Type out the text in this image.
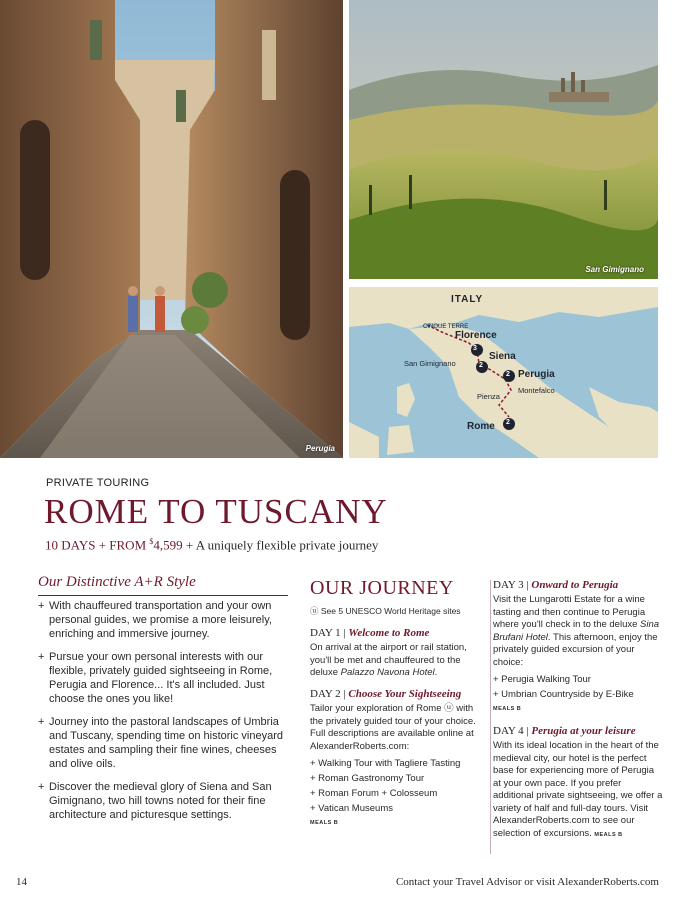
Perugia
San Gimignano
ITALY
CINQUE TERRE
Florence
Siena
San Gimignano
Perugia
Montefalco
Pienza
Rome
3
2
2
2
PRIVATE TOURING
ROME TO TUSCANY
10 DAYS + FROM $4,599 + A uniquely flexible private journey
Our Distinctive A+R Style
+ With chauffeured transportation and your own personal guides, we promise a more leisurely, enriching and immersive journey.
+ Pursue your own personal interests with our flexible, privately guided sightseeing in Rome, Perugia and Florence... It's all included. Just choose the ones you like!
+ Journey into the pastoral landscapes of Umbria and Tuscany, spending time on historic vineyard estates and sampling their fine wines, cheeses and olive oils.
+ Discover the medieval glory of Siena and San Gimignano, two hill towns noted for their fine architecture and picturesque settings.
OUR JOURNEY
ⓤ See 5 UNESCO World Heritage sites
DAY 1 | Welcome to Rome

On arrival at the airport or rail station, you'll be met and chauffeured to the deluxe Palazzo Navona Hotel.

DAY 2 | Choose Your Sightseeing

Tailor your exploration of Rome ⓤ with the privately guided tour of your choice. Full descriptions are available online at AlexanderRoberts.com:

+ Walking Tour with Tagliere Tasting
+ Roman Gastronomy Tour
+ Roman Forum + Colosseum
+ Vatican Museums
MEALS B
DAY 3 | Onward to Perugia

Visit the Lungarotti Estate for a wine tasting and then continue to Perugia where you'll check in to the deluxe Sina Brufani Hotel. This afternoon, enjoy the privately guided excursion of your choice:

+ Perugia Walking Tour
+ Umbrian Countryside by E-Bike
MEALS B
DAY 4 | Perugia at your leisure

With its ideal location in the heart of the medieval city, our hotel is the perfect base for experiencing more of Perugia at your own pace. If you prefer additional private sightseeing, we offer a variety of half and full-day tours. Visit AlexanderRoberts.com to see our selection of excursions. MEALS B

14	Contact your Travel Advisor or visit AlexanderRoberts.com
